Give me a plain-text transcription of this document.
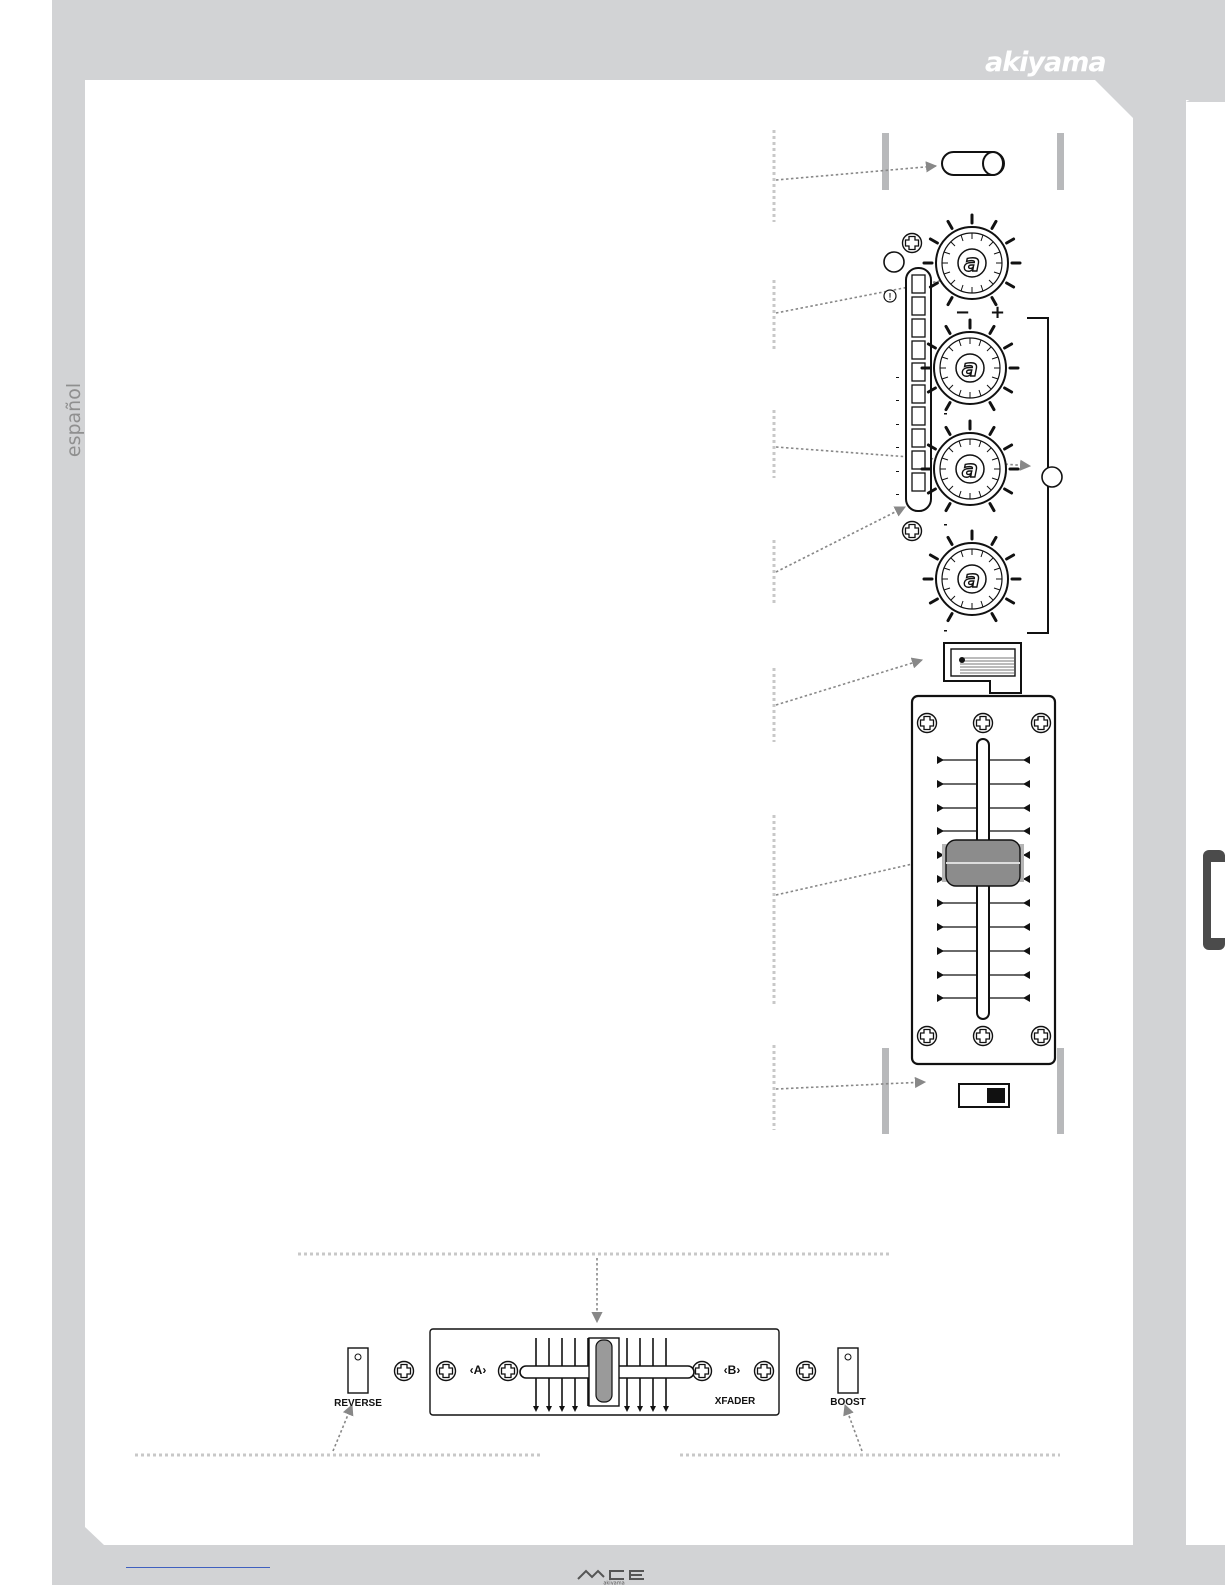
!
− +
akiyama
español
REVERSE	BOOST
‹A›	‹B›
XFADER
akiyama
